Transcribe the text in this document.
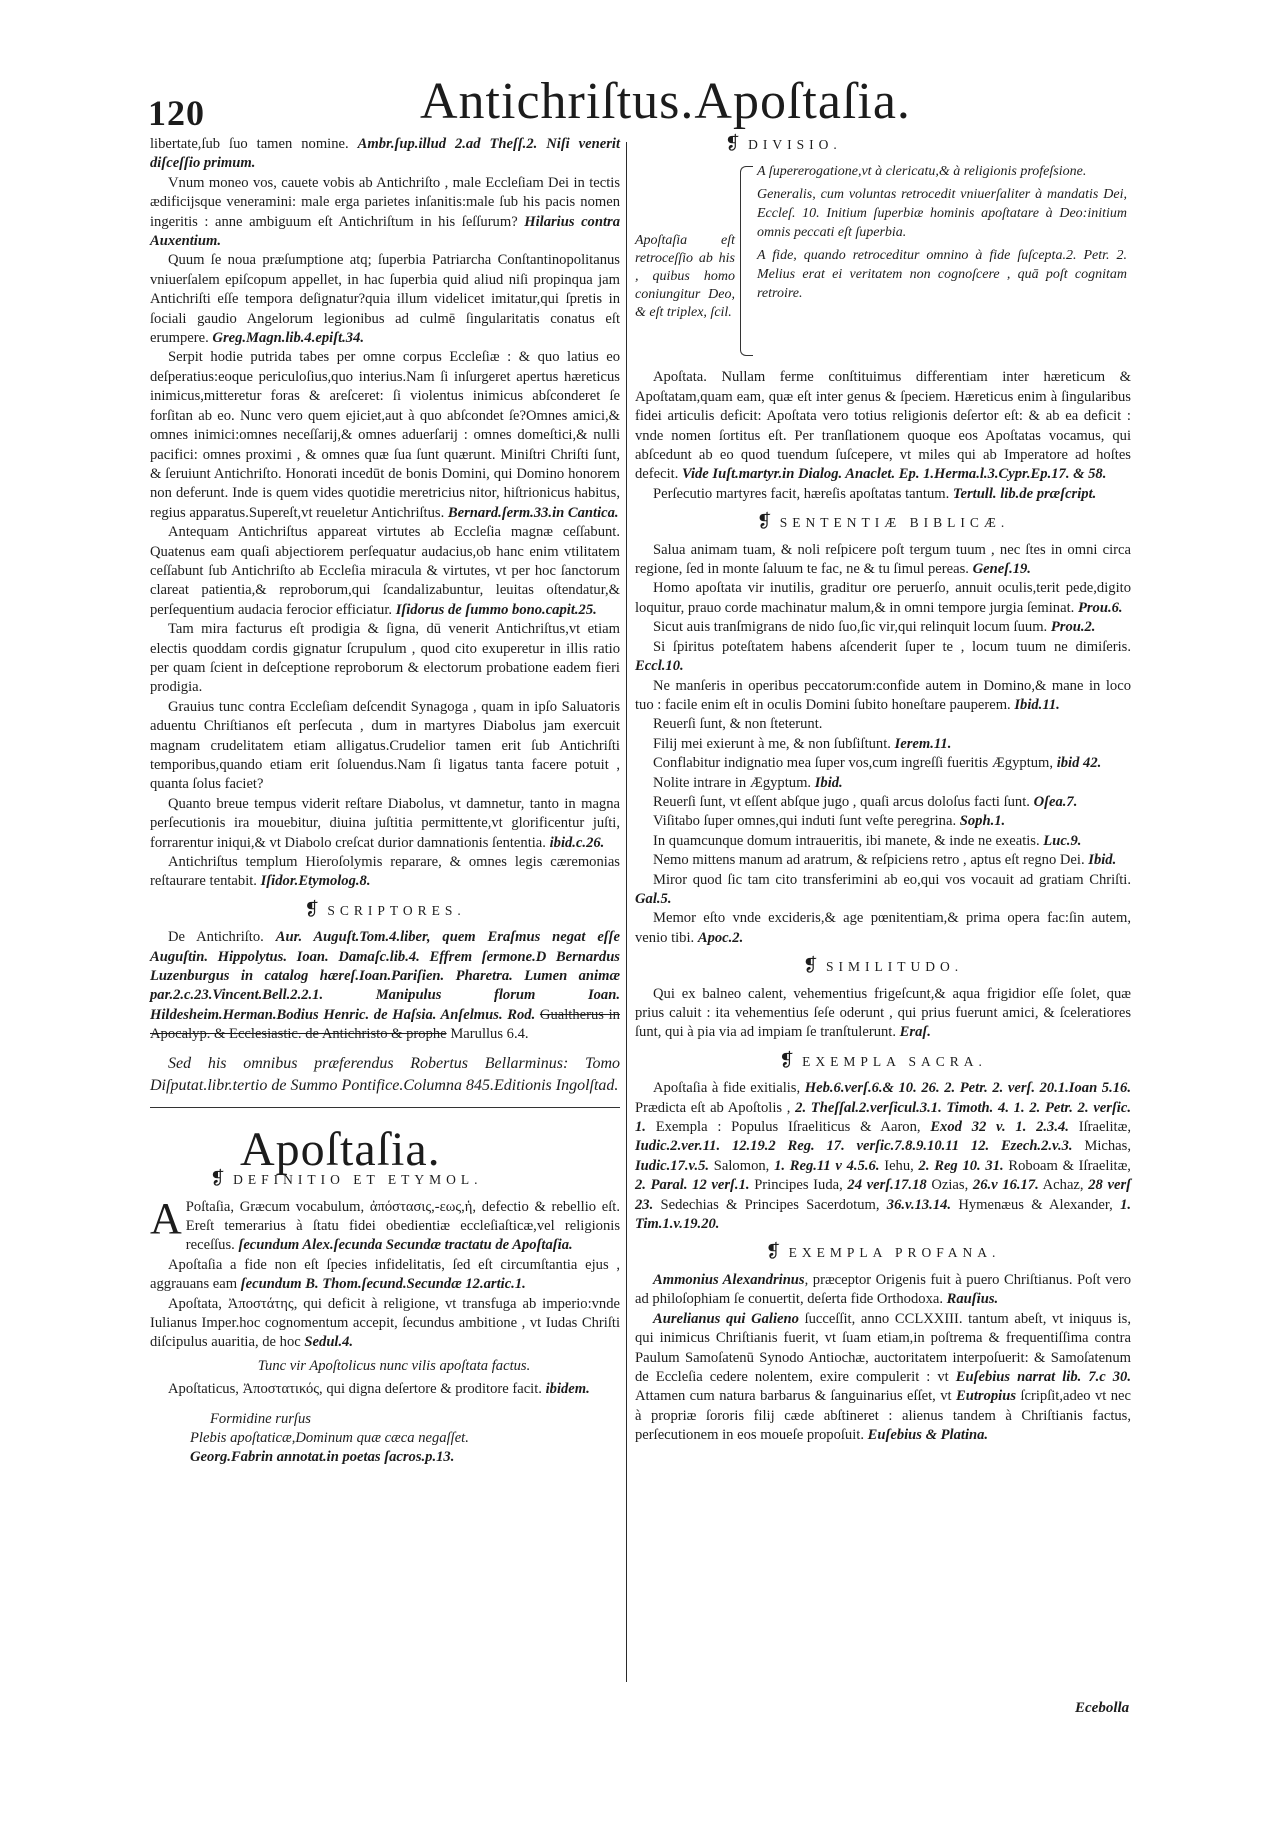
120	Antichriſtus.Apoſtaſia.

libertate,ſub ſuo tamen nomine. Ambr.ſup.illud 2.ad Theſſ.2. Niſi venerit diſceſſio primum.

Vnum moneo vos, cauete vobis ab Antichriſto , male Eccleſiam Dei in tectis ædificijsque veneramini: male erga parietes inſanitis:male ſub his pacis nomen ingeritis : anne ambiguum eſt Antichriſtum in his ſeſſurum? Hilarius contra Auxentium.

Quum ſe noua præſumptione atq; ſuperbia Patriarcha Conſtantinopolitanus vniuerſalem epiſcopum appellet, in hac ſuperbia quid aliud niſi propinqua jam Antichriſti eſſe tempora deſignatur?quia illum videlicet imitatur,qui ſpretis in ſociali gaudio Angelorum legionibus ad culmē ſingularitatis conatus eſt erumpere. Greg.Magn.lib.4.epiſt.34.

Serpit hodie putrida tabes per omne corpus Eccleſiæ : & quo latius eo deſperatius:eoque periculoſius,quo interius.Nam ſi inſurgeret apertus hæreticus inimicus,mitteretur foras & areſceret: ſi violentus inimicus abſconderet ſe forſitan ab eo. Nunc vero quem ejiciet,aut à quo abſcondet ſe?Omnes amici,& omnes inimici:omnes neceſſarij,& omnes aduerſarij : omnes domeſtici,& nulli pacifici: omnes proximi , & omnes quæ ſua ſunt quærunt. Miniſtri Chriſti ſunt, & ſeruiunt Antichriſto. Honorati incedūt de bonis Domini, qui Domino honorem non deferunt. Inde is quem vides quotidie meretricius nitor, hiſtrionicus habitus, regius apparatus.Supereſt,vt reueletur Antichriſtus. Bernard.ſerm.33.in Cantica.

Antequam Antichriſtus appareat virtutes ab Eccleſia magnæ ceſſabunt. Quatenus eam quaſi abjectiorem perſequatur audacius,ob hanc enim vtilitatem ceſſabunt ſub Antichriſto ab Eccleſia miracula & virtutes, vt per hoc ſanctorum clareat patientia,& reproborum,qui ſcandalizabuntur, leuitas oſtendatur,& perſequentium audacia ferocior efficiatur. Iſidorus de ſummo bono.capit.25.

Tam mira facturus eſt prodigia & ſigna, dū venerit Antichriſtus,vt etiam electis quoddam cordis gignatur ſcrupulum , quod cito exuperetur in illis ratio per quam ſcient in deſceptione reproborum & electorum probatione eadem fieri prodigia.

Grauius tunc contra Eccleſiam deſcendit Synagoga , quam in ipſo Saluatoris aduentu Chriſtianos eſt perſecuta , dum in martyres Diabolus jam exercuit magnam crudelitatem etiam alligatus.Crudelior tamen erit ſub Antichriſti temporibus,quando etiam erit ſoluendus.Nam ſi ligatus tanta facere potuit , quanta ſolus faciet?

Quanto breue tempus viderit reſtare Diabolus, vt damnetur, tanto in magna perſecutionis ira mouebitur, diuina juſtitia permittente,vt glorificentur juſti, forrarentur iniqui,& vt Diabolo creſcat durior damnationis ſententia. ibid.c.26.

Antichriſtus templum Hieroſolymis reparare, & omnes legis cæremonias reſtaurare tentabit. Iſidor.Etymolog.8.

❡ SCRIPTORES.

De Antichriſto. Aur. Auguſt.Tom.4.liber, quem Eraſmus negat eſſe Auguſtin. Hippolytus. Ioan. Damaſc.lib.4. Effrem ſermone.D Bernardus Luzenburgus in catalog hæreſ.Ioan.Pariſien. Pharetra. Lumen animæ par.2.c.23.Vincent.Bell.2.2.1. Manipulus florum Ioan. Hildesheim.Herman.Bodius Henric. de Haſsia. Anſelmus. Rod. Gualtherus in Apocalyp. & Ecclesiastic. de Antichristo & prophe Marullus 6.4.

Sed his omnibus præferendus Robertus Bellarminus: Tomo Diſputat.libr.tertio de Summo Pontifice.Columna 845.Editionis Ingolſtad.

Apoſtaſia.
❡ DEFINITIO ET ETYMOL.

A Poſtaſia, Græcum vocabulum, ἀπόστασις,-εως,ἡ, defectio & rebellio eſt. Ereſt temerarius à ſtatu fidei obedientiæ eccleſiaſticæ,vel religionis receſſus. ſecundum Alex.ſecunda Secundæ tractatu de Apoſtaſia.

Apoſtaſia a fide non eſt ſpecies infidelitatis, ſed eſt circumſtantia ejus , aggrauans eam ſecundum B. Thom.ſecund.Secundæ 12.artic.1.

Apoſtata, Ἀποστάτης, qui deficit à religione, vt transfuga ab imperio:vnde Iulianus Imper.hoc cognomentum accepit, ſecundus ambitione , vt Iudas Chriſti diſcipulus auaritia, de hoc Sedul.4.

Tunc vir Apoſtolicus nunc vilis apoſtata factus.

Apoſtaticus, Ἀποστατικός, qui digna deſertore & proditore facit. ibidem.

Formidine rurſus
Plebis apoſtaticæ,Dominum quæ cæca negaſſet.
Georg.Fabrin annotat.in poetas ſacros.p.13.
❡ DIVISIO.
Apoſtaſia eſt retroceſſio ab his , quibus homo coniungitur Deo, & eſt triplex, ſcil.
A ſupererogatione,vt à clericatu,& à religionis profeſsione.
Generalis, cum voluntas retrocedit vniuerſaliter à mandatis Dei, Eccleſ. 10. Initium ſuperbiæ hominis apoſtatare à Deo:initium omnis peccati eſt ſuperbia.
A fide, quando retroceditur omnino à fide ſuſcepta.2. Petr. 2. Melius erat ei veritatem non cognoſcere , quā poſt cognitam retroire.

Apoſtata. Nullam ferme conſtituimus differentiam inter hæreticum & Apoſtatam,quam eam, quæ eſt inter genus & ſpeciem. Hæreticus enim à ſingularibus fidei articulis deficit: Apoſtata vero totius religionis deſertor eſt: & ab ea deficit : vnde nomen ſortitus eſt. Per tranſlationem quoque eos Apoſtatas vocamus, qui abſcedunt ab eo quod tuendum ſuſcepere, vt miles qui ab Imperatore ad hoſtes defecit. Vide Iuſt.martyr.in Dialog. Anaclet. Ep. 1.Herma.l.3.Cypr.Ep.17. & 58.

Perſecutio martyres facit, hæreſis apoſtatas tantum. Tertull. lib.de præſcript.

❡ SENTENTIÆ BIBLICÆ.

Salua animam tuam, & noli reſpicere poſt tergum tuum , nec ſtes in omni circa regione, ſed in monte ſaluum te fac, ne & tu ſimul pereas. Geneſ.19.

Homo apoſtata vir inutilis, graditur ore peruerſo, annuit oculis,terit pede,digito loquitur, prauo corde machinatur malum,& in omni tempore jurgia ſeminat. Prou.6.

Sicut auis tranſmigrans de nido ſuo,ſic vir,qui relinquit locum ſuum. Prou.2.

Si ſpiritus poteſtatem habens aſcenderit ſuper te , locum tuum ne dimiſeris. Eccl.10.

Ne manſeris in operibus peccatorum:confide autem in Domino,& mane in loco tuo : facile enim eſt in oculis Domini ſubito honeſtare pauperem. Ibid.11.

Reuerſi ſunt, & non ſteterunt.

Filij mei exierunt à me, & non ſubſiſtunt. Ierem.11.

Conflabitur indignatio mea ſuper vos,cum ingreſſi fueritis Ægyptum, ibid 42.

Nolite intrare in Ægyptum. Ibid.

Reuerſi ſunt, vt eſſent abſque jugo , quaſi arcus doloſus facti ſunt. Oſea.7.

Viſitabo ſuper omnes,qui induti ſunt veſte peregrina. Soph.1.

In quamcunque domum intraueritis, ibi manete, & inde ne exeatis. Luc.9.

Nemo mittens manum ad aratrum, & reſpiciens retro , aptus eſt regno Dei. Ibid.

Miror quod ſic tam cito transferimini ab eo,qui vos vocauit ad gratiam Chriſti. Gal.5.

Memor eſto vnde excideris,& age pœnitentiam,& prima opera fac:ſin autem, venio tibi. Apoc.2.

❡ SIMILITUDO.

Qui ex balneo calent, vehementius frigeſcunt,& aqua frigidior eſſe ſolet, quæ prius caluit : ita vehementius ſeſe oderunt , qui prius fuerunt amici, & ſceleratiores ſunt, qui à pia via ad impiam ſe tranſtulerunt. Eraſ.

❡ EXEMPLA SACRA.

Apoſtaſia à fide exitialis, Heb.6.verſ.6.& 10. 26. 2. Petr. 2. verſ. 20.1.Ioan 5.16. Prædicta eſt ab Apoſtolis , 2. Theſſal.2.verſicul.3.1. Timoth. 4. 1. 2. Petr. 2. verſic. 1. Exempla : Populus Iſraeliticus & Aaron, Exod 32 v. 1. 2.3.4. Iſraelitæ, Iudic.2.ver.11. 12.19.2 Reg. 17. verſic.7.8.9.10.11 12. Ezech.2.v.3. Michas, Iudic.17.v.5. Salomon, 1. Reg.11 v 4.5.6. Iehu, 2. Reg 10. 31. Roboam & Iſraelitæ, 2. Paral. 12 verſ.1. Principes Iuda, 24 verſ.17.18 Ozias, 26.v 16.17. Achaz, 28 verſ 23. Sedechias & Principes Sacerdotum, 36.v.13.14. Hymenæus & Alexander, 1. Tim.1.v.19.20.

❡ EXEMPLA PROFANA.

Ammonius Alexandrinus, præceptor Origenis fuit à puero Chriſtianus. Poſt vero ad philoſophiam ſe conuertit, deſerta fide Orthodoxa. Rauſius.

Aurelianus qui Galieno ſucceſſit, anno CCLXXIII. tantum abeſt, vt iniquus is, qui inimicus Chriſtianis fuerit, vt ſuam etiam,in poſtrema & frequentiſſima contra Paulum Samoſatenū Synodo Antiochæ, auctoritatem interpoſuerit: & Samoſatenum de Eccleſia cedere nolentem, exire compulerit : vt Euſebius narrat lib. 7.c 30. Attamen cum natura barbarus & ſanguinarius eſſet, vt Eutropius ſcripſit,adeo vt nec à propriæ ſororis filij cæde abſtineret : alienus tandem à Chriſtianis factus, perſecutionem in eos moueſe propoſuit. Euſebius & Platina.

Ecebolla
